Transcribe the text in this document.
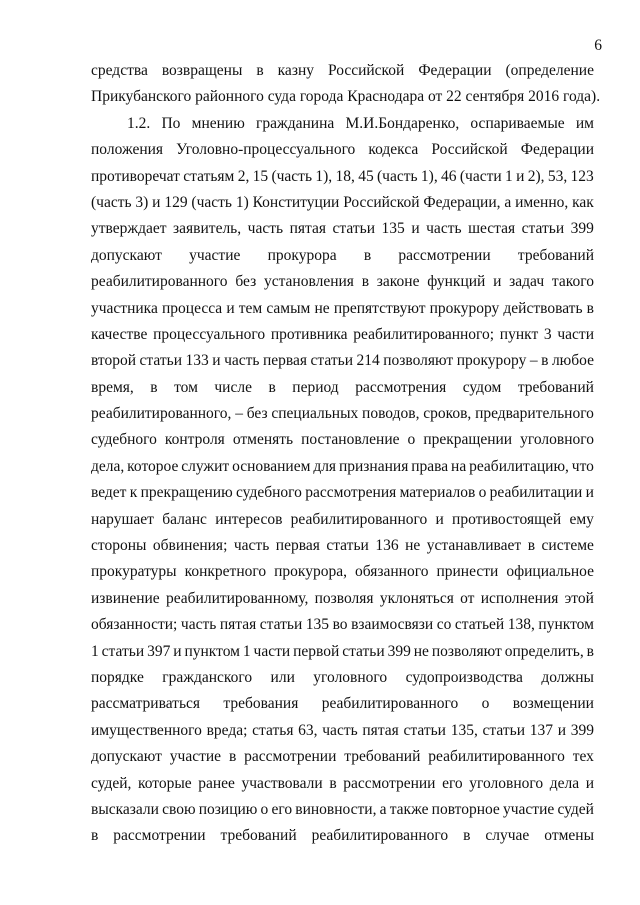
6
средства возвращены в казну Российской Федерации (определение
Прикубанского районного суда города Краснодара от 22 сентября 2016 года).
1.2. По мнению гражданина М.И.Бондаренко, оспариваемые им
положения Уголовно-процессуального кодекса Российской Федерации
противоречат статьям 2, 15 (часть 1), 18, 45 (часть 1), 46 (части 1 и 2), 53, 123
(часть 3) и 129 (часть 1) Конституции Российской Федерации, а именно, как
утверждает заявитель, часть пятая статьи 135 и часть шестая статьи 399
допускают участие прокурора в рассмотрении требований
реабилитированного без установления в законе функций и задач такого
участника процесса и тем самым не препятствуют прокурору действовать в
качестве процессуального противника реабилитированного; пункт 3 части
второй статьи 133 и часть первая статьи 214 позволяют прокурору – в любое
время, в том числе в период рассмотрения судом требований
реабилитированного, – без специальных поводов, сроков, предварительного
судебного контроля отменять постановление о прекращении уголовного
дела, которое служит основанием для признания права на реабилитацию, что
ведет к прекращению судебного рассмотрения материалов о реабилитации и
нарушает баланс интересов реабилитированного и противостоящей ему
стороны обвинения; часть первая статьи 136 не устанавливает в системе
прокуратуры конкретного прокурора, обязанного принести официальное
извинение реабилитированному, позволяя уклоняться от исполнения этой
обязанности; часть пятая статьи 135 во взаимосвязи со статьей 138, пунктом
1 статьи 397 и пунктом 1 части первой статьи 399 не позволяют определить, в
порядке гражданского или уголовного судопроизводства должны
рассматриваться требования реабилитированного о возмещении
имущественного вреда; статья 63, часть пятая статьи 135, статьи 137 и 399
допускают участие в рассмотрении требований реабилитированного тех
судей, которые ранее участвовали в рассмотрении его уголовного дела и
высказали свою позицию о его виновности, а также повторное участие судей
в рассмотрении требований реабилитированного в случае отмены
